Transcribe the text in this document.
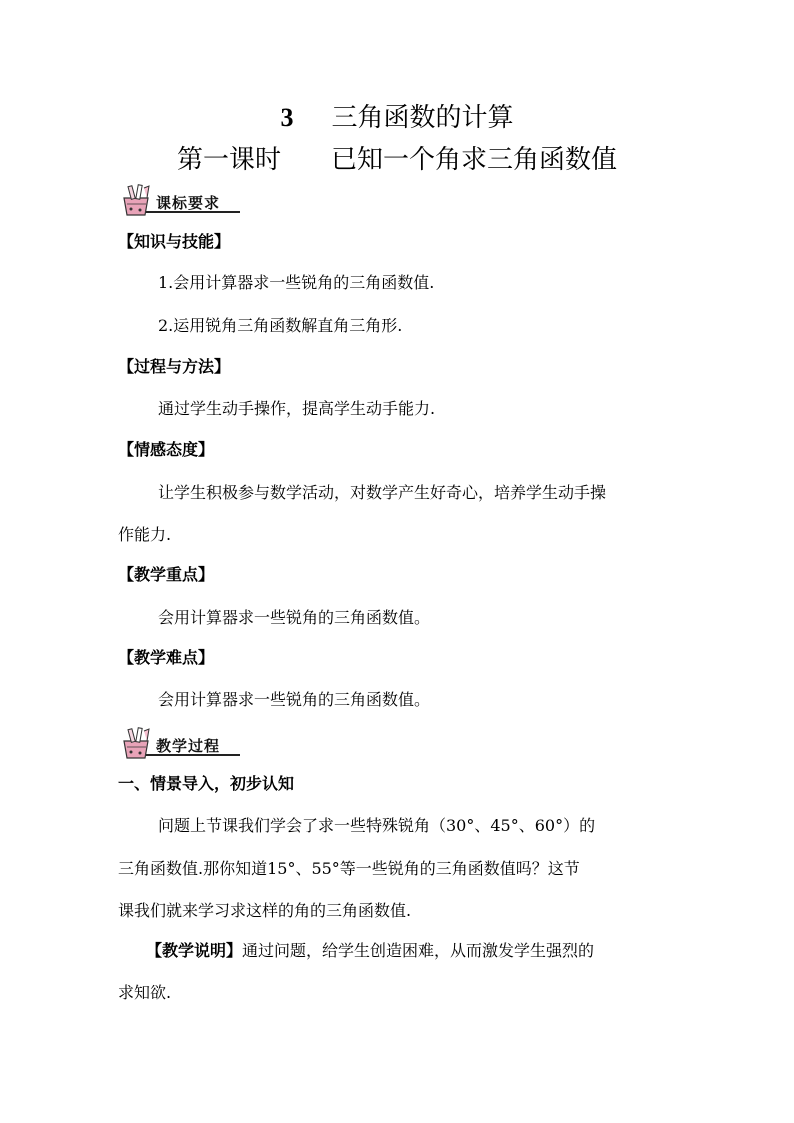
3 三角函数的计算
第一课时 已知一个角求三角函数值
课标要求
【知识与技能】
1.会用计算器求一些锐角的三角函数值.
2.运用锐角三角函数解直角三角形.
【过程与方法】
通过学生动手操作，提高学生动手能力.
【情感态度】
让学生积极参与数学活动，对数学产生好奇心，培养学生动手操
作能力.
【教学重点】
会用计算器求一些锐角的三角函数值。
【教学难点】
会用计算器求一些锐角的三角函数值。
教学过程
一、情景导入，初步认知
问题上节课我们学会了求一些特殊锐角（30°、45°、60°）的
三角函数值.那你知道15°、55°等一些锐角的三角函数值吗？这节
课我们就来学习求这样的角的三角函数值.
【教学说明】通过问题，给学生创造困难，从而激发学生强烈的
求知欲.
